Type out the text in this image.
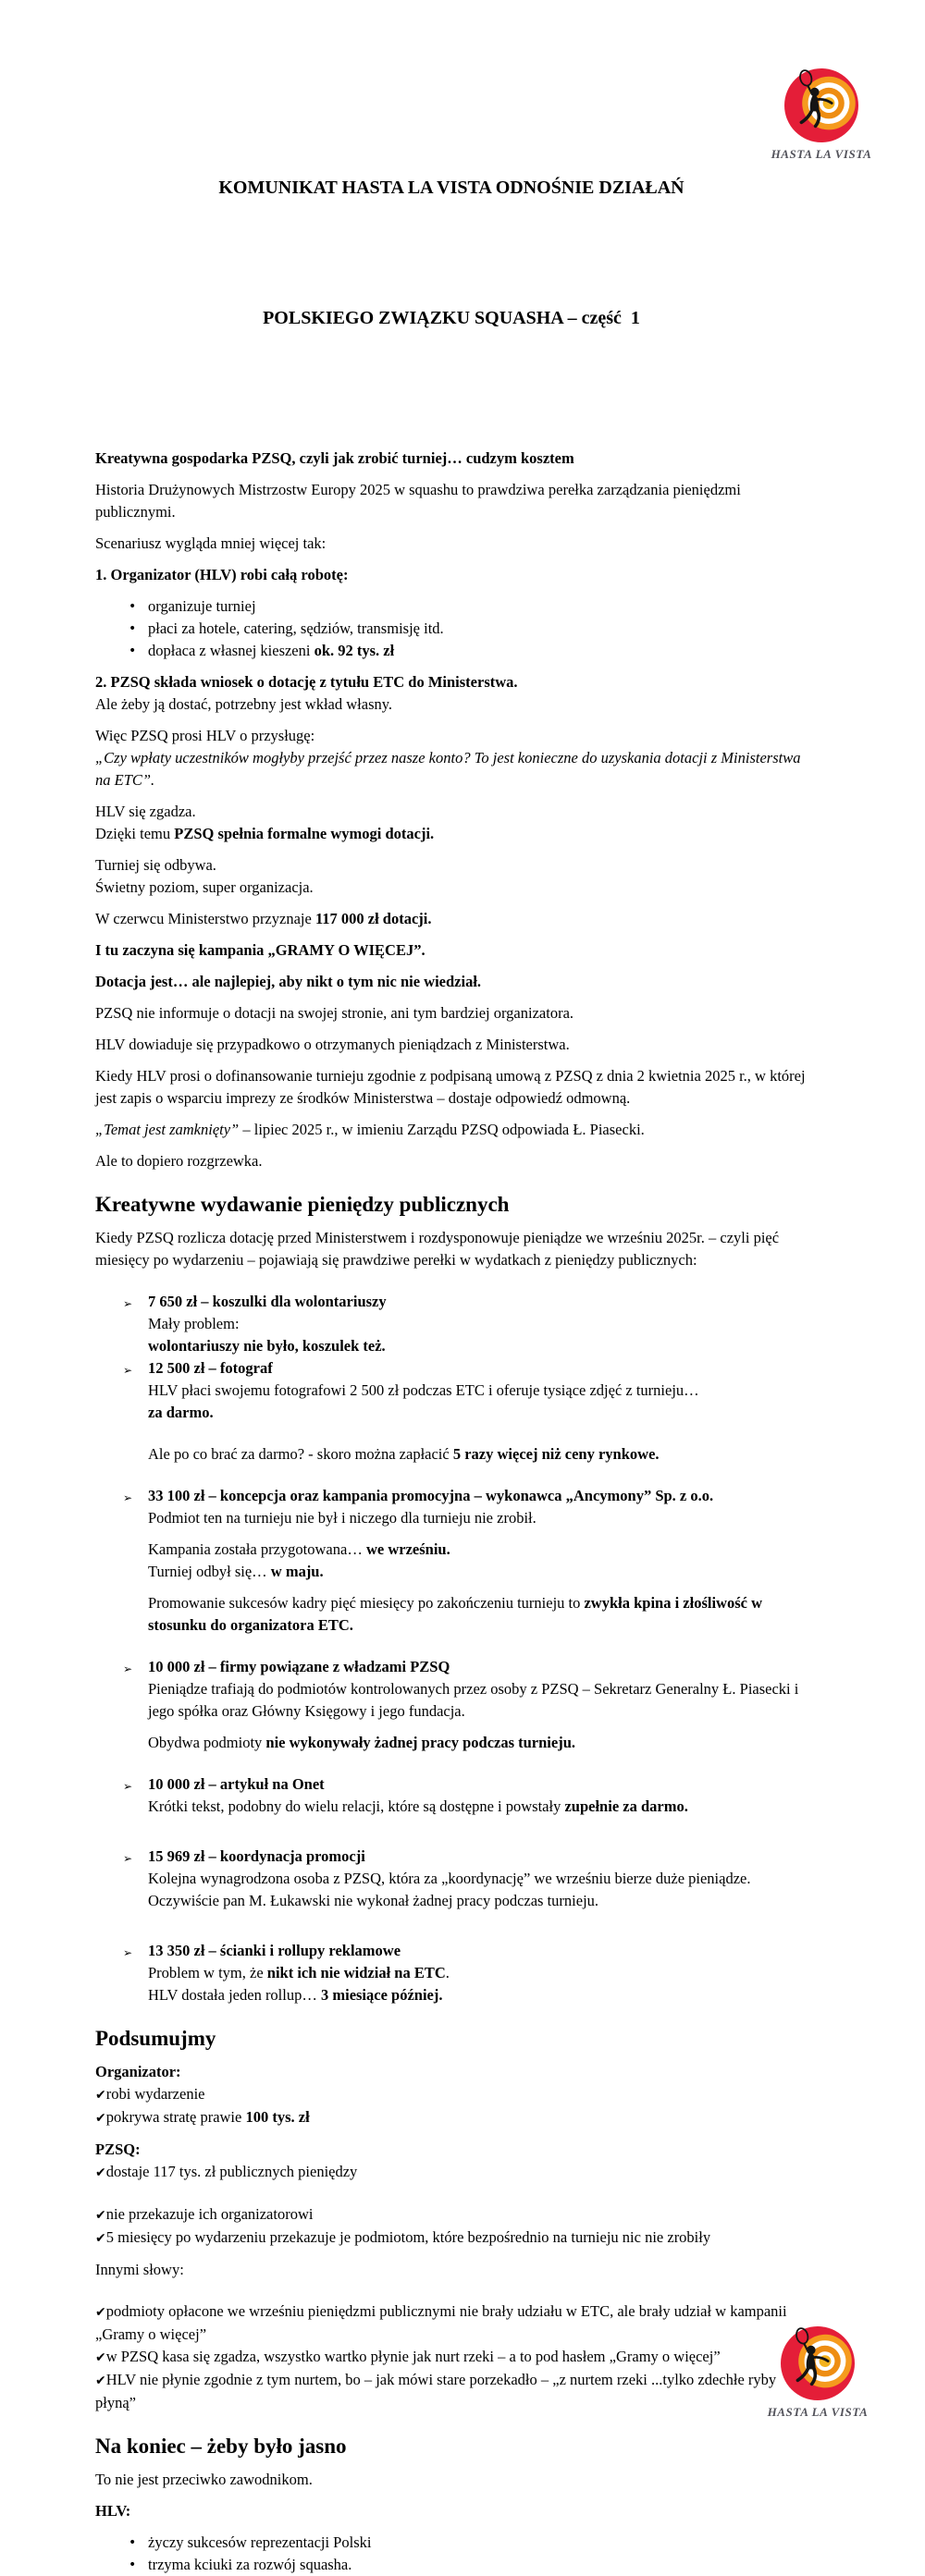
HASTA LA VISTA
HASTA LA VISTA

KOMUNIKAT HASTA LA VISTA ODNOŚNIE DZIAŁAŃ

POLSKIEGO ZWIĄZKU SQUASHA – część  1

Kreatywna gospodarka PZSQ, czyli jak zrobić turniej… cudzym kosztem
Historia Drużynowych Mistrzostw Europy 2025 w squashu to prawdziwa perełka zarządzania pieniędzmi publicznymi.
Scenariusz wygląda mniej więcej tak:
1. Organizator (HLV) robi całą robotę:
• organizuje turniej
• płaci za hotele, catering, sędziów, transmisję itd.
• dopłaca z własnej kieszeni ok. 92 tys. zł
2. PZSQ składa wniosek o dotację z tytułu ETC do Ministerstwa.
Ale żeby ją dostać, potrzebny jest wkład własny.
Więc PZSQ prosi HLV o przysługę:
„Czy wpłaty uczestników mogłyby przejść przez nasze konto? To jest konieczne do uzyskania dotacji z Ministerstwa na ETC”.
HLV się zgadza.
Dzięki temu PZSQ spełnia formalne wymogi dotacji.
Turniej się odbywa.
Świetny poziom, super organizacja.
W czerwcu Ministerstwo przyznaje 117 000 zł dotacji.
I tu zaczyna się kampania „GRAMY O WIĘCEJ”.
Dotacja jest… ale najlepiej, aby nikt o tym nic nie wiedział.
PZSQ nie informuje o dotacji na swojej stronie, ani tym bardziej organizatora.
HLV dowiaduje się przypadkowo o otrzymanych pieniądzach z Ministerstwa.
Kiedy HLV prosi o dofinansowanie turnieju zgodnie z podpisaną umową z PZSQ z dnia 2 kwietnia 2025 r., w której jest zapis o wsparciu imprezy ze środków Ministerstwa – dostaje odpowiedź odmowną.
„Temat jest zamknięty” – lipiec 2025 r., w imieniu Zarządu PZSQ odpowiada Ł. Piasecki.
Ale to dopiero rozgrzewka.
Kreatywne wydawanie pieniędzy publicznych
Kiedy PZSQ rozlicza dotację przed Ministerstwem i rozdysponowuje pieniądze we wrześniu 2025r. – czyli pięć miesięcy po wydarzeniu – pojawiają się prawdziwe perełki w wydatkach z pieniędzy publicznych:
➢ 7 650 zł – koszulki dla wolontariuszy
Mały problem:
wolontariuszy nie było, koszulek też.
➢ 12 500 zł – fotograf
HLV płaci swojemu fotografowi 2 500 zł podczas ETC i oferuje tysiące zdjęć z turnieju…
za darmo.
Ale po co brać za darmo? - skoro można zapłacić 5 razy więcej niż ceny rynkowe.
➢ 33 100 zł – koncepcja oraz kampania promocyjna – wykonawca „Ancymony” Sp. z o.o.
Podmiot ten na turnieju nie był i niczego dla turnieju nie zrobił.
Kampania została przygotowana… we wrześniu.
Turniej odbył się… w maju.
Promowanie sukcesów kadry pięć miesięcy po zakończeniu turnieju to zwykła kpina i złośliwość w stosunku do organizatora ETC.
➢ 10 000 zł – firmy powiązane z władzami PZSQ
Pieniądze trafiają do podmiotów kontrolowanych przez osoby z PZSQ – Sekretarz Generalny Ł. Piasecki i jego spółka oraz Główny Księgowy i jego fundacja.
Obydwa podmioty nie wykonywały żadnej pracy podczas turnieju.
➢ 10 000 zł – artykuł na Onet
Krótki tekst, podobny do wielu relacji, które są dostępne i powstały zupełnie za darmo.
➢ 15 969 zł – koordynacja promocji
Kolejna wynagrodzona osoba z PZSQ, która za „koordynację” we wrześniu bierze duże pieniądze.
Oczywiście pan M. Łukawski nie wykonał żadnej pracy podczas turnieju.
➢ 13 350 zł – ścianki i rollupy reklamowe
Problem w tym, że nikt ich nie widział na ETC.
HLV dostała jeden rollup… 3 miesiące później.
Podsumujmy
Organizator:
✔robi wydarzenie
✔pokrywa stratę prawie 100 tys. zł
PZSQ:
✔dostaje 117 tys. zł publicznych pieniędzy
✔nie przekazuje ich organizatorowi
✔5 miesięcy po wydarzeniu przekazuje je podmiotom, które bezpośrednio na turnieju nic nie zrobiły
Innymi słowy:
✔podmioty opłacone we wrześniu pieniędzmi publicznymi nie brały udziału w ETC, ale brały udział w kampanii „Gramy o więcej”
✔w PZSQ kasa się zgadza, wszystko wartko płynie jak nurt rzeki – a to pod hasłem „Gramy o więcej”
✔HLV nie płynie zgodnie z tym nurtem, bo – jak mówi stare porzekadło – „z nurtem rzeki ...tylko zdechłe ryby płyną”
Na koniec – żeby było jasno
To nie jest przeciwko zawodnikom.
HLV:
• życzy sukcesów reprezentacji Polski
• trzyma kciuki za rozwój squasha.
